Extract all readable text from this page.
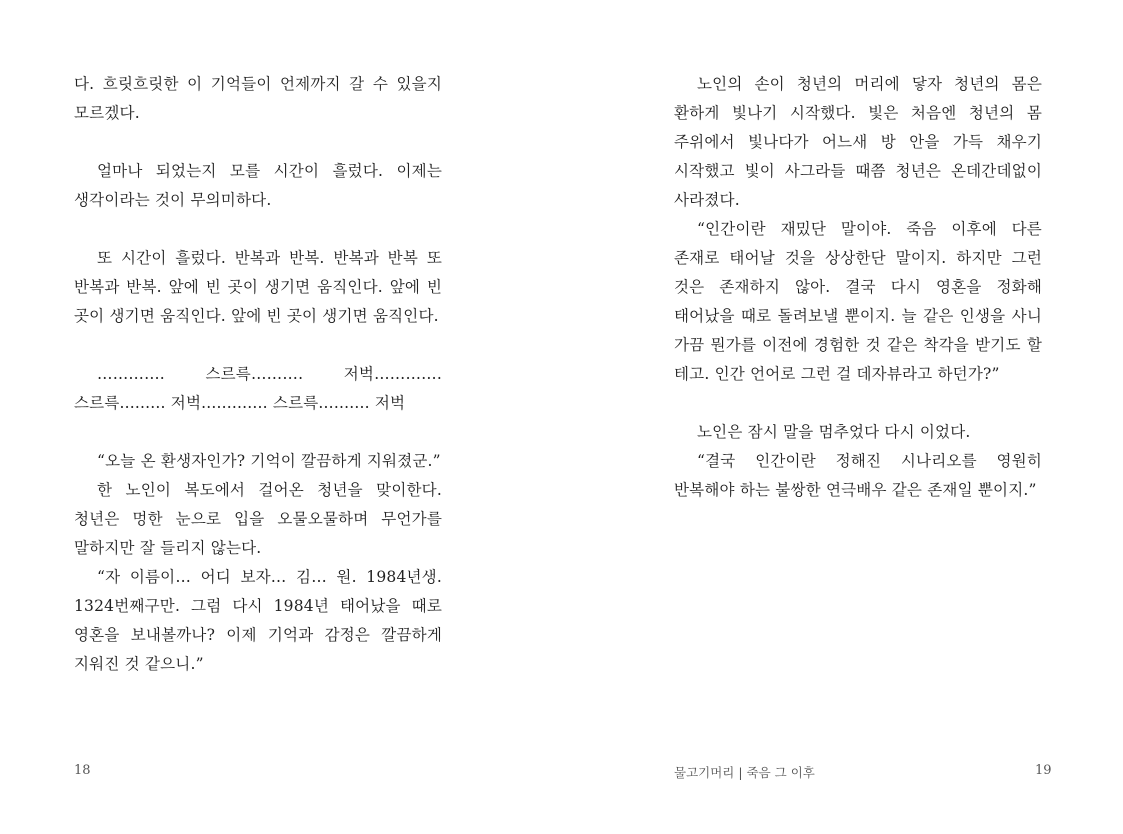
다. 흐릿흐릿한 이 기억들이 언제까지 갈 수 있을지 모르겠다.

얼마나 되었는지 모를 시간이 흘렀다. 이제는 생각이라는 것이 무의미하다.

또 시간이 흘렀다. 반복과 반복. 반복과 반복 또 반복과 반복. 앞에 빈 곳이 생기면 움직인다. 앞에 빈 곳이 생기면 움직인다. 앞에 빈 곳이 생기면 움직인다.

…………. 스르륵………. 저벅…………. 스르륵......... 저벅............. 스르륵.......... 저벅

“오늘 온 환생자인가? 기억이 깔끔하게 지워졌군.”

한 노인이 복도에서 걸어온 청년을 맞이한다. 청년은 멍한 눈으로 입을 오물오물하며 무언가를 말하지만 잘 들리지 않는다.

“자 이름이… 어디 보자… 김… 원. 1984년생. 1324번째구만. 그럼 다시 1984년 태어났을 때로 영혼을 보내볼까나? 이제 기억과 감정은 깔끔하게 지워진 것 같으니.”

18

노인의 손이 청년의 머리에 닿자 청년의 몸은 환하게 빛나기 시작했다. 빛은 처음엔 청년의 몸 주위에서 빛나다가 어느새 방 안을 가득 채우기 시작했고 빛이 사그라들 때쯤 청년은 온데간데없이 사라졌다.

“인간이란 재밌단 말이야. 죽음 이후에 다른 존재로 태어날 것을 상상한단 말이지. 하지만 그런 것은 존재하지 않아. 결국 다시 영혼을 정화해 태어났을 때로 돌려보낼 뿐이지. 늘 같은 인생을 사니 가끔 뭔가를 이전에 경험한 것 같은 착각을 받기도 할 테고. 인간 언어로 그런 걸 데자뷰라고 하던가?”

노인은 잠시 말을 멈추었다 다시 이었다.

“결국 인간이란 정해진 시나리오를 영원히 반복해야 하는 불쌍한 연극배우 같은 존재일 뿐이지.”

물고기머리 | 죽음 그 이후	19
